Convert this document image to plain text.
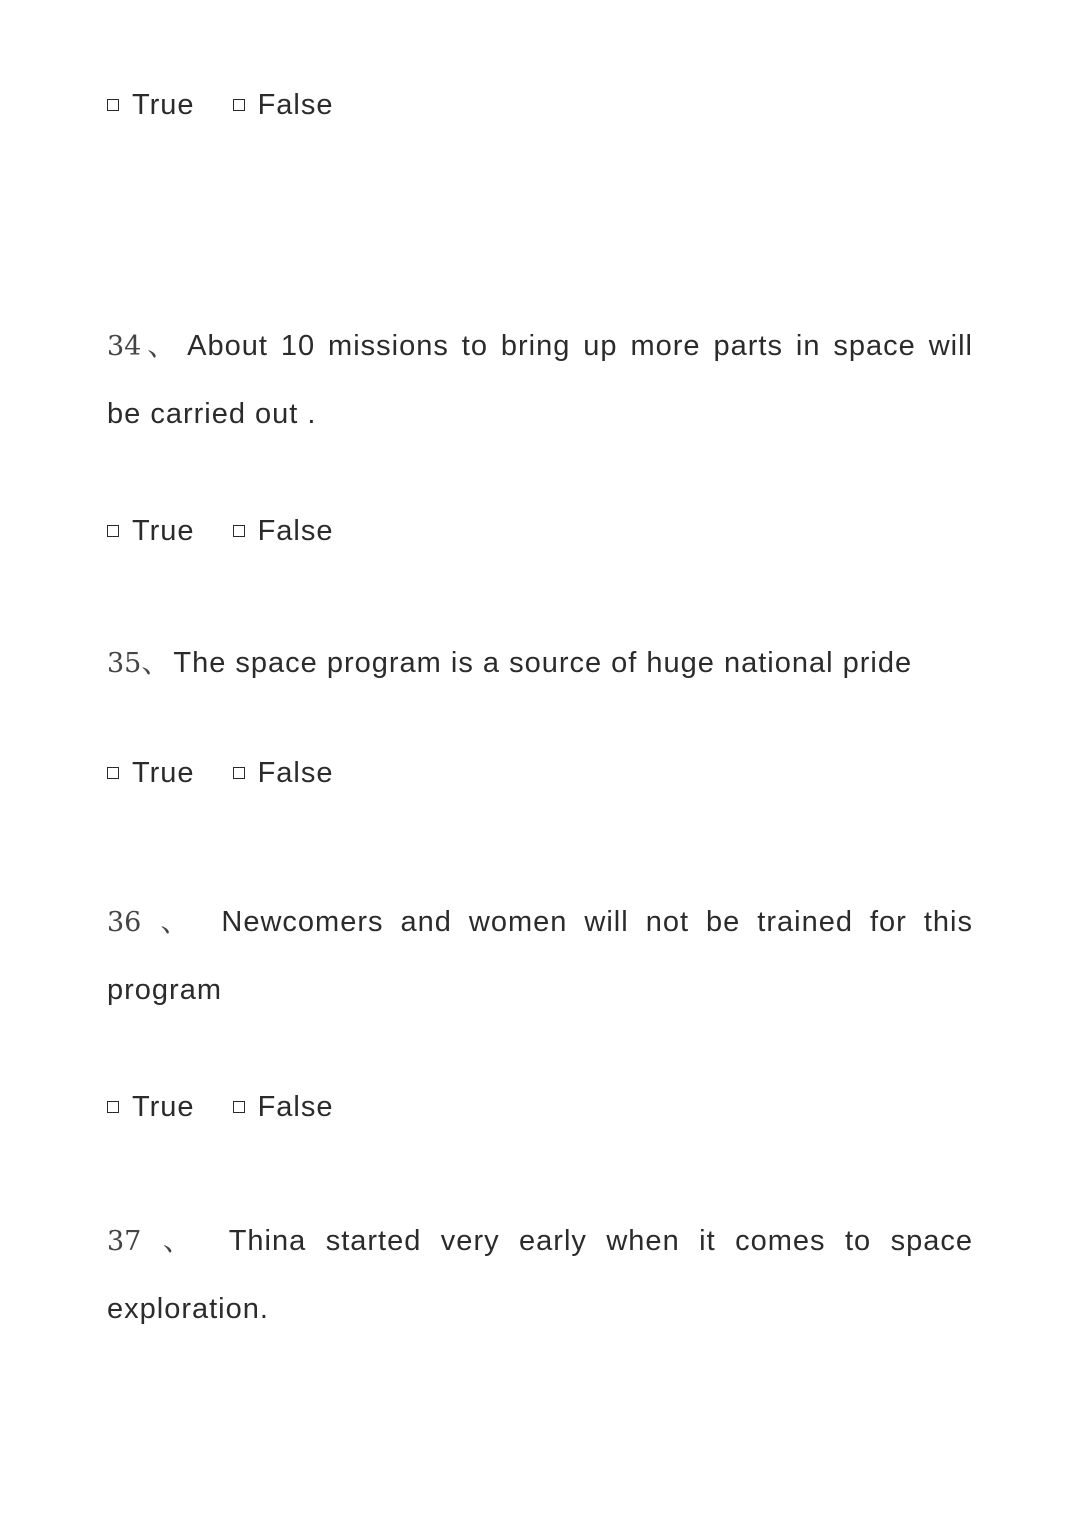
True False
34、 About 10 missions to bring up more parts in space will
be carried out .
True False
35、The space program is a source of huge national pride
True False
36 、 Newcomers and women will not be trained for this
program
True False
37 、 Thina started very early when it comes to space
exploration.
